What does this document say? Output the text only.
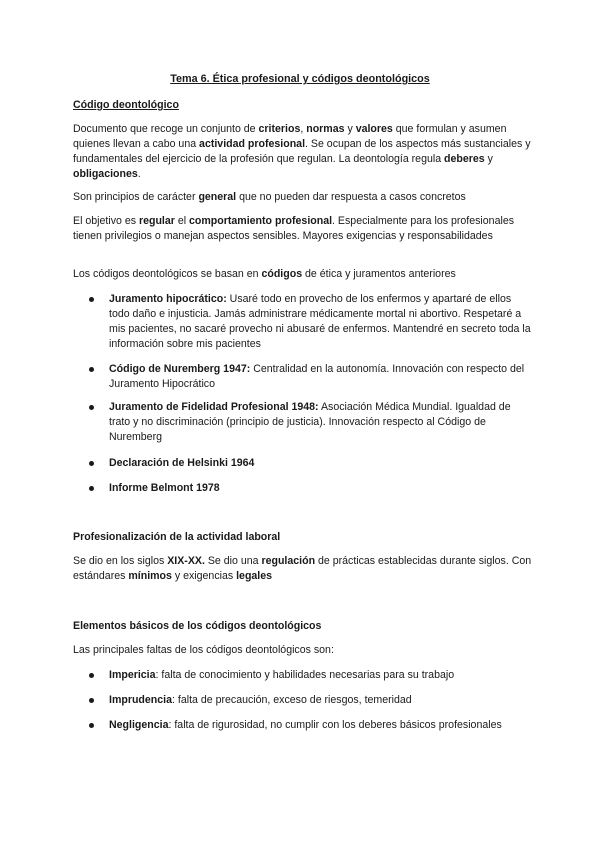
Tema 6. Ética profesional y códigos deontológicos
Código deontológico
Documento que recoge un conjunto de criterios, normas y valores que formulan y asumen quienes llevan a cabo una actividad profesional. Se ocupan de los aspectos más sustanciales y fundamentales del ejercicio de la profesión que regulan. La deontología regula deberes y obligaciones.
Son principios de carácter general que no pueden dar respuesta a casos concretos
El objetivo es regular el comportamiento profesional. Especialmente para los profesionales tienen privilegios o manejan aspectos sensibles. Mayores exigencias y responsabilidades
Los códigos deontológicos se basan en códigos de ética y juramentos anteriores
Juramento hipocrático: Usaré todo en provecho de los enfermos y apartaré de ellos todo daño e injusticia. Jamás administrare médicamente mortal ni abortivo. Respetaré a mis pacientes, no sacaré provecho ni abusaré de enfermos. Mantendré en secreto toda la información sobre mis pacientes
Código de Nuremberg 1947: Centralidad en la autonomía. Innovación con respecto del Juramento Hipocrático
Juramento de Fidelidad Profesional 1948: Asociación Médica Mundial. Igualdad de trato y no discriminación (principio de justicia). Innovación respecto al Código de Nuremberg
Declaración de Helsinki 1964
Informe Belmont 1978
Profesionalización de la actividad laboral
Se dio en los siglos XIX-XX. Se dio una regulación de prácticas establecidas durante siglos. Con estándares mínimos y exigencias legales
Elementos básicos de los códigos deontológicos
Las principales faltas de los códigos deontológicos son:
Impericia: falta de conocimiento y habilidades necesarias para su trabajo
Imprudencia: falta de precaución, exceso de riesgos, temeridad
Negligencia: falta de rigurosidad, no cumplir con los deberes básicos profesionales
